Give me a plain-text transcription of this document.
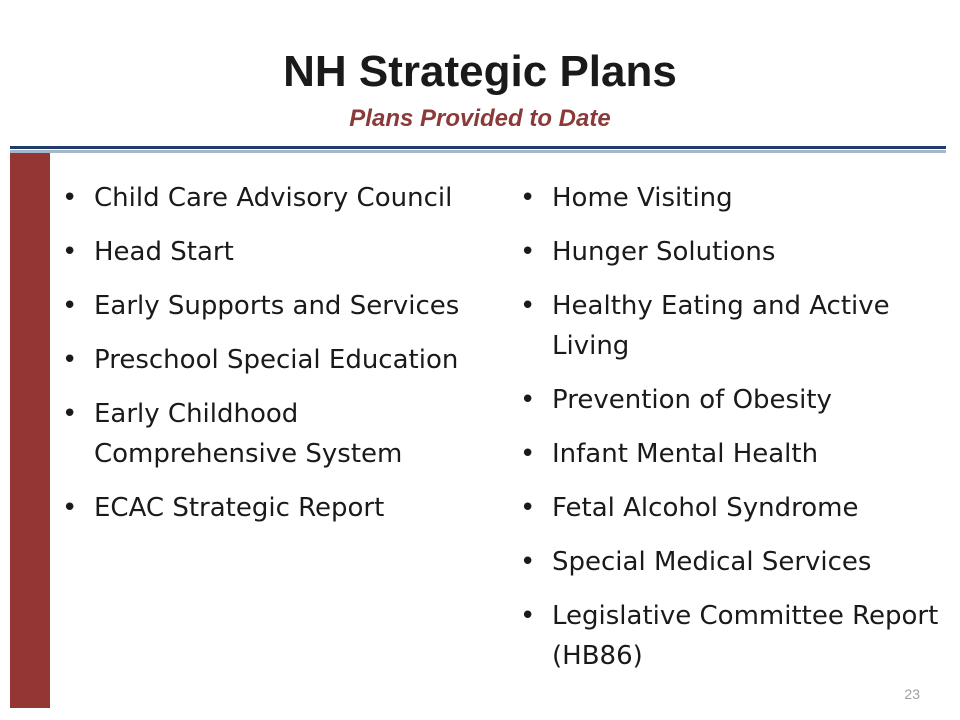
NH Strategic Plans
Plans Provided to Date
• Child Care Advisory Council
• Head Start
• Early Supports and Services
• Preschool Special Education
• Early Childhood Comprehensive System
• ECAC Strategic Report
• Home Visiting
• Hunger Solutions
• Healthy Eating and Active Living
• Prevention of Obesity
• Infant Mental Health
• Fetal Alcohol Syndrome
• Special Medical Services
• Legislative Committee Report (HB86)
23
